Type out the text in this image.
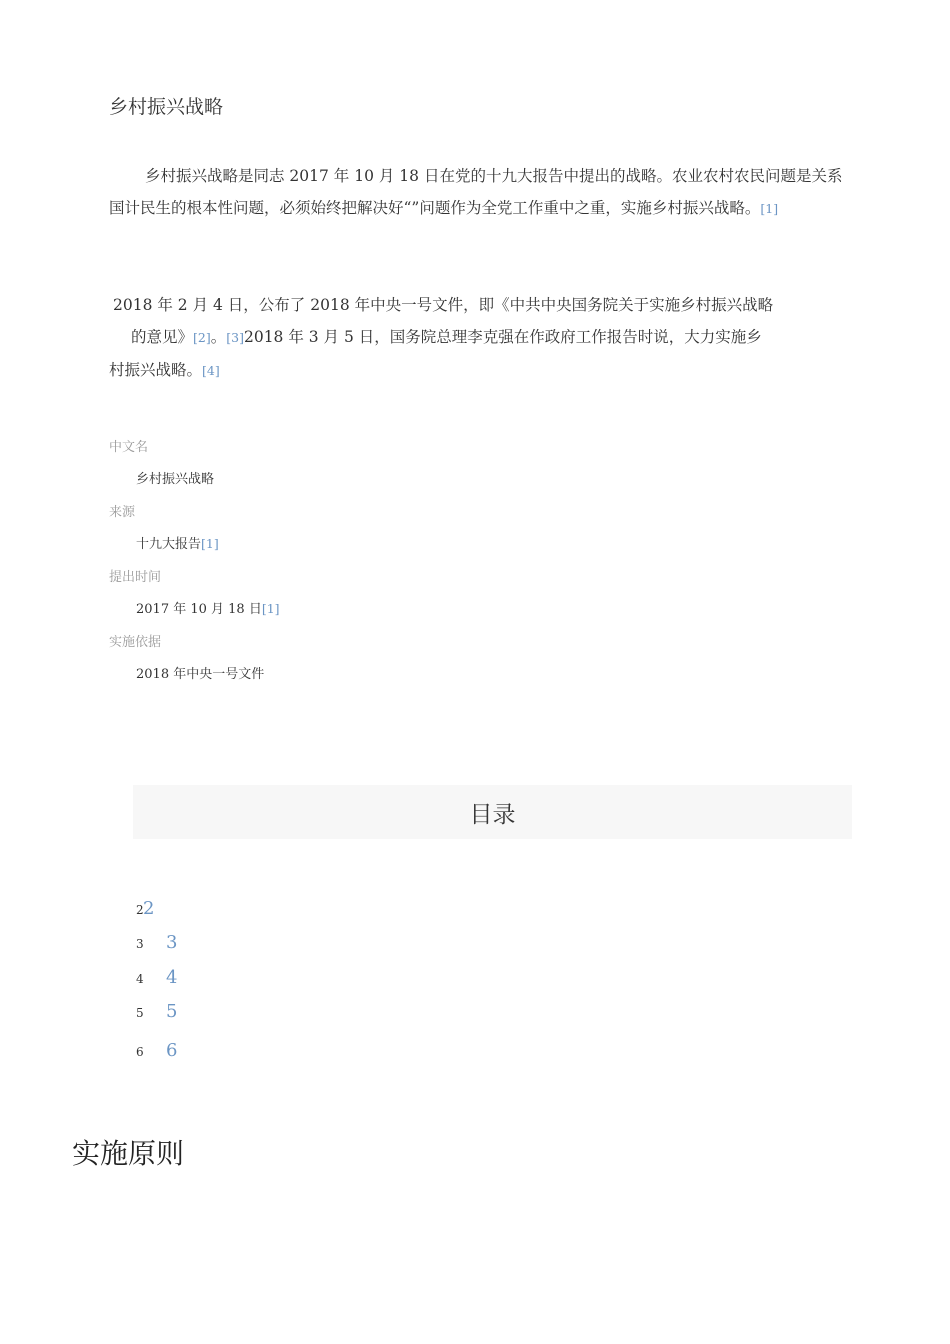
乡村振兴战略
乡村振兴战略是同志 2017 年 10 月 18 日在党的十九大报告中提出的战略。农业农村农民问题是关系国计民生的根本性问题，必须始终把解决好“”问题作为全党工作重中之重，实施乡村振兴战略。[1]
2018 年 2 月 4 日，公布了 2018 年中央一号文件，即《中共中央国务院关于实施乡村振兴战略
的意见》[2]。[3]2018 年 3 月 5 日，国务院总理李克强在作政府工作报告时说，大力实施乡
村振兴战略。[4]
中文名
乡村振兴战略
来源
十九大报告[1]
提出时间
2017 年 10 月 18 日[1]
实施依据
2018 年中央一号文件
目录
2 2
3	3
4	4
5	5
6	6
实施原则
